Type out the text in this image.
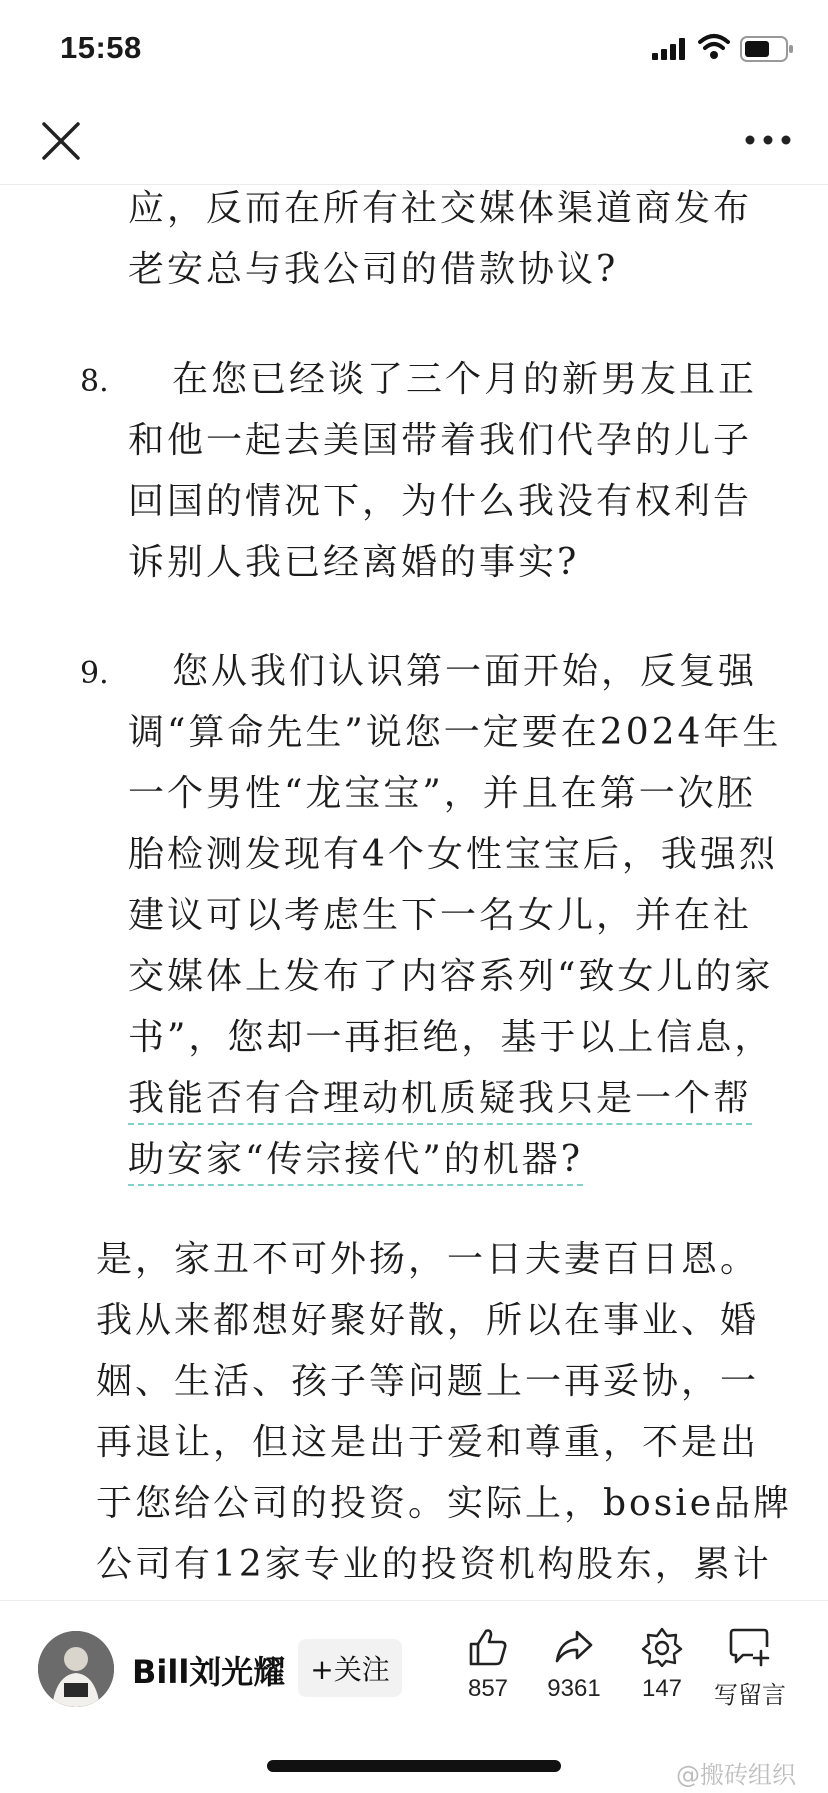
15:58
应，反而在所有社交媒体渠道商发布
老安总与我公司的借款协议?
8.	在您已经谈了三个月的新男友且正
和他一起去美国带着我们代孕的儿子
回国的情况下，为什么我没有权利告
诉别人我已经离婚的事实?
9.	您从我们认识第一面开始，反复强
调“算命先生”说您一定要在2024年生
一个男性“龙宝宝”，并且在第一次胚
胎检测发现有4个女性宝宝后，我强烈
建议可以考虑生下一名女儿，并在社
交媒体上发布了内容系列“致女儿的家
书”，您却一再拒绝，基于以上信息，
我能否有合理动机质疑我只是一个帮
助安家“传宗接代”的机器?
是，家丑不可外扬，一日夫妻百日恩。
我从来都想好聚好散，所以在事业、婚
姻、生活、孩子等问题上一再妥协，一
再退让，但这是出于爱和尊重，不是出
于您给公司的投资。实际上，bosie品牌
公司有12家专业的投资机构股东，累计
Bill刘光耀 +关注
857	9361	147	写留言
@搬砖组织
